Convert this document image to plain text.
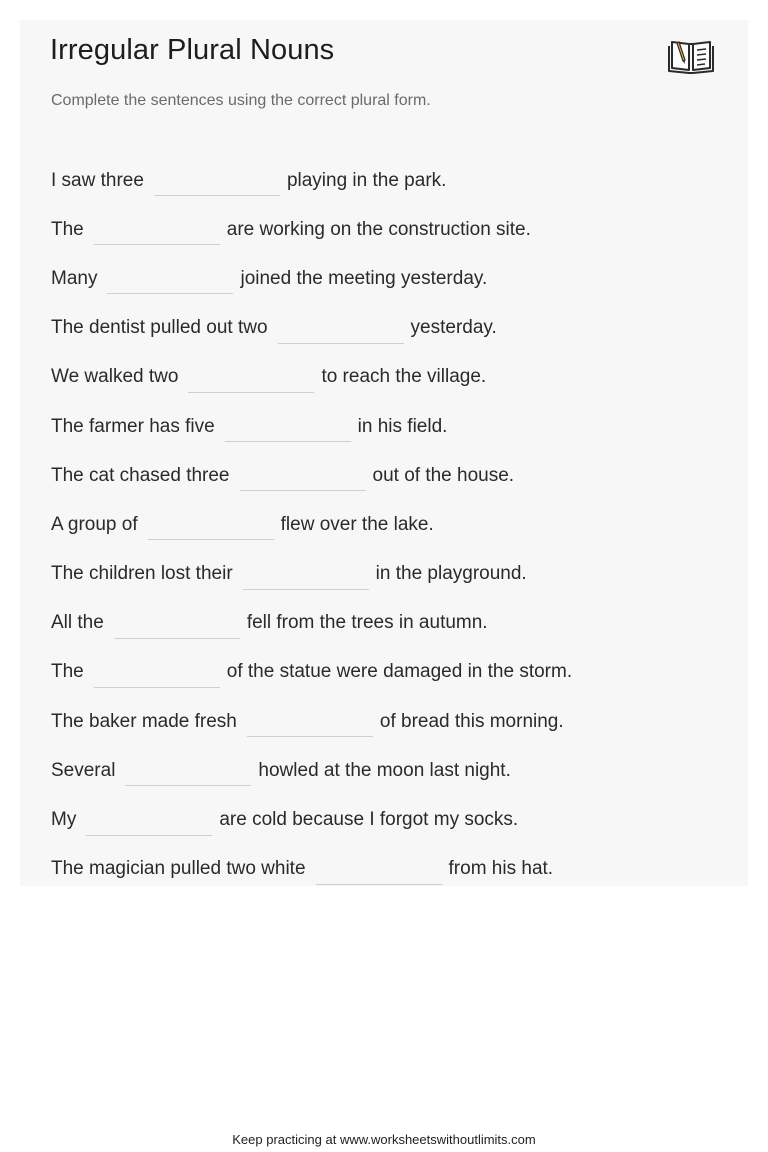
Irregular Plural Nouns
Complete the sentences using the correct plural form.
I saw three	playing in the park.
The	are working on the construction site.
Many	joined the meeting yesterday.
The dentist pulled out two	yesterday.
We walked two	to reach the village.
The farmer has five	in his field.
The cat chased three	out of the house.
A group of	flew over the lake.
The children lost their	in the playground.
All the	fell from the trees in autumn.
The	of the statue were damaged in the storm.
The baker made fresh	of bread this morning.
Several	howled at the moon last night.
My	are cold because I forgot my socks.
The magician pulled two white	from his hat.
Keep practicing at www.worksheetswithoutlimits.com
